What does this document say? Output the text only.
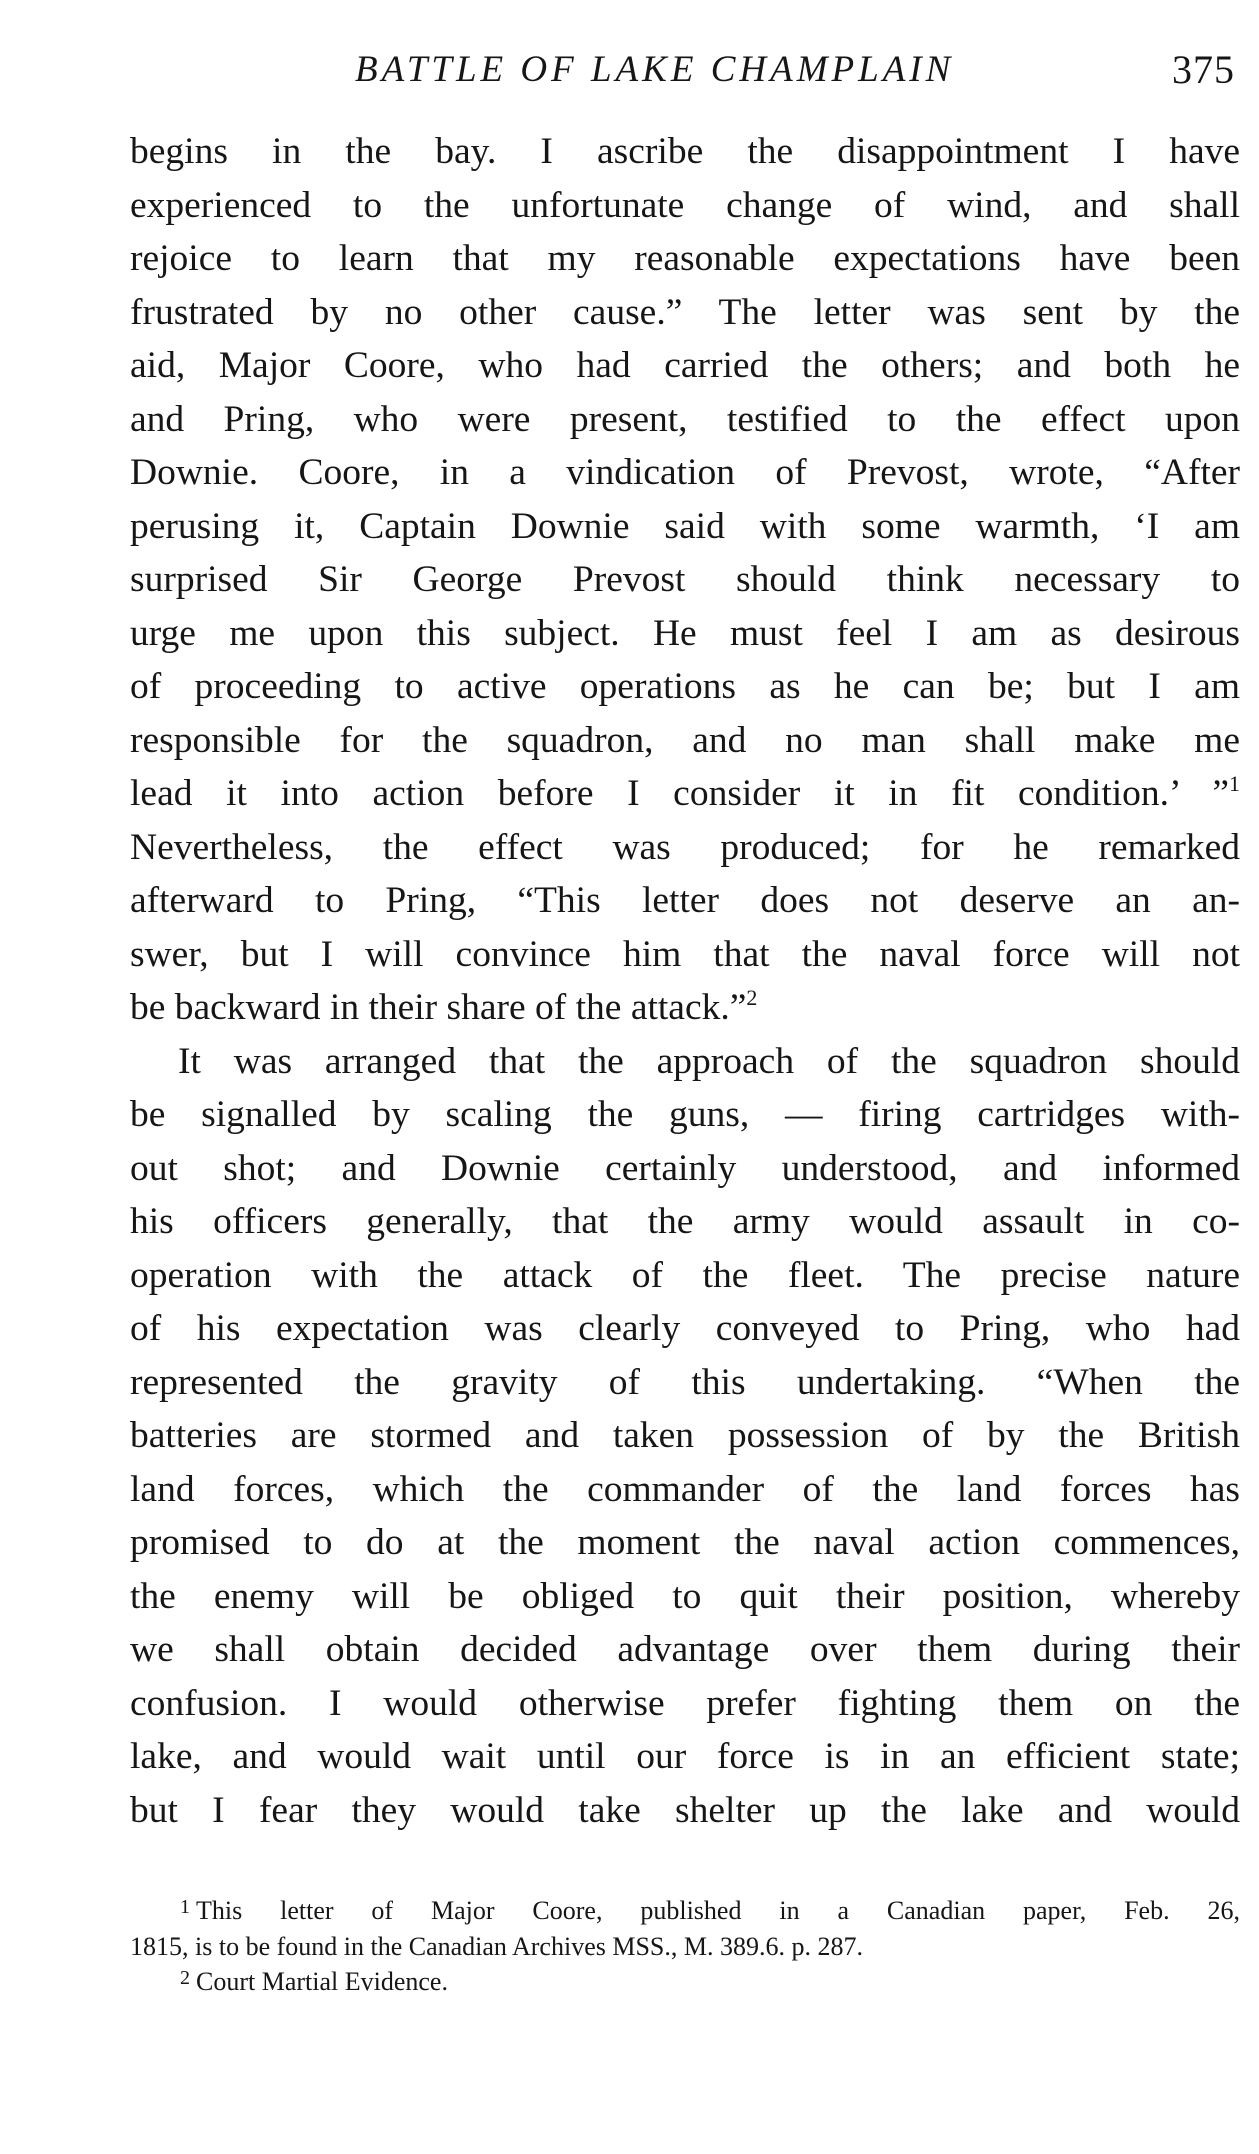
BATTLE OF LAKE CHAMPLAIN	375
begins in the bay. I ascribe the disappointment I have
experienced to the unfortunate change of wind, and shall
rejoice to learn that my reasonable expectations have been
frustrated by no other cause.” The letter was sent by the
aid, Major Coore, who had carried the others; and both he
and Pring, who were present, testified to the effect upon
Downie. Coore, in a vindication of Prevost, wrote, “After
perusing it, Captain Downie said with some warmth, ‘I am
surprised Sir George Prevost should think necessary to
urge me upon this subject. He must feel I am as desirous
of proceeding to active operations as he can be; but I am
responsible for the squadron, and no man shall make me
lead it into action before I consider it in fit condition.’ ”$^1$
Nevertheless, the effect was produced; for he remarked
afterward to Pring, “This letter does not deserve an an-
swer, but I will convince him that the naval force will not
be backward in their share of the attack.”$^2$
It was arranged that the approach of the squadron should
be signalled by scaling the guns, — firing cartridges with-
out shot; and Downie certainly understood, and informed
his officers generally, that the army would assault in co-
operation with the attack of the fleet. The precise nature
of his expectation was clearly conveyed to Pring, who had
represented the gravity of this undertaking. “When the
batteries are stormed and taken possession of by the British
land forces, which the commander of the land forces has
promised to do at the moment the naval action commences,
the enemy will be obliged to quit their position, whereby
we shall obtain decided advantage over them during their
confusion. I would otherwise prefer fighting them on the
lake, and would wait until our force is in an efficient state;
but I fear they would take shelter up the lake and would
$^1$ This letter of Major Coore, published in a Canadian paper, Feb. 26,
1815, is to be found in the Canadian Archives MSS., M. 389.6. p. 287.
$^2$ Court Martial Evidence.
